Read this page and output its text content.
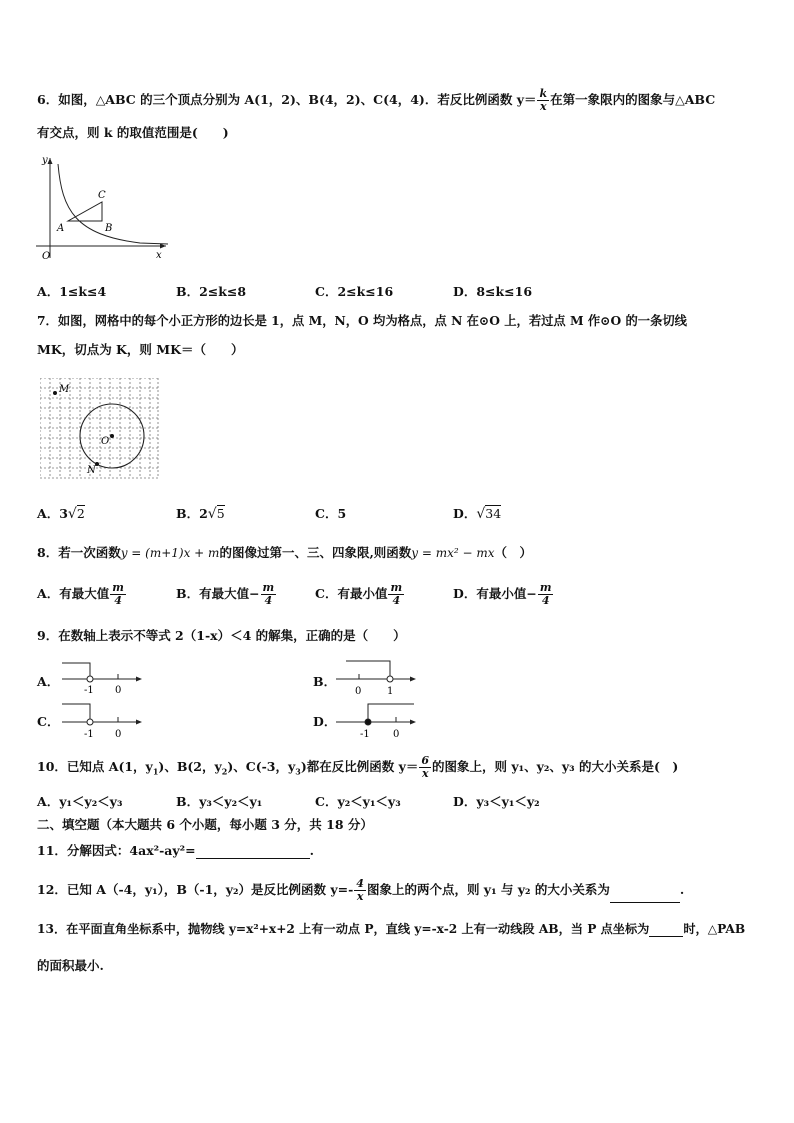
6．如图，△ABC 的三个顶点分别为 A(1，2)、B(4，2)、C(4，4)．若反比例函数 $y= \frac{k}{x}$ 在第一象限内的图象与△ABC
有交点，则 k 的取值范围是(　　)
y
x
O
A	B
C
A．1≤k≤4	B．2≤k≤8	C．2≤k≤16	D．8≤k≤16
7．如图，网格中的每个小正方形的边长是 1，点 M，N，O 均为格点，点 N 在⊙O 上，若过点 M 作⊙O 的一条切线
MK，切点为 K，则 MK＝（　　）
M
O
N
A．3√2	B．2√5	C．5	D．√34
8．若一次函数y = (m+1)x + m的图像过第一、三、四象限,则函数y = mx² − mx（　）
A．有最大值 $\frac{m}{4}$	B．有最大值− $\frac{m}{4}$	C．有最小值 $\frac{m}{4}$	D．有最小值− $\frac{m}{4}$
9．在数轴上表示不等式 2（1-x）＜4 的解集，正确的是（　　）
A．
-1 0
B．
0	1
C．
-1 0
D．
-1 0
10．已知点 A(1，$y_1$)、B(2，$y_2$)、C(-3，$y_3$)都在反比例函数 $y= \frac{6}{x}$ 的图象上，则 y₁、y₂、y₃ 的大小关系是(　)
A．y₁＜y₂＜y₃	B．y₃＜y₂＜y₁	C．y₂＜y₁＜y₃	D．y₃＜y₁＜y₂
二、填空题（本大题共 6 个小题，每小题 3 分，共 18 分）
11．分解因式：4ax²-ay²=	.
12．已知 A（-4，y₁），B（-1，y₂）是反比例函数 $y=- \frac{4}{x}$ 图象上的两个点，则 y₁ 与 y₂ 的大小关系为	.
13．在平面直角坐标系中，抛物线 y=x²+x+2 上有一动点 P，直线 y=-x-2 上有一动线段 AB，当 P 点坐标为	时，△PAB
的面积最小.
